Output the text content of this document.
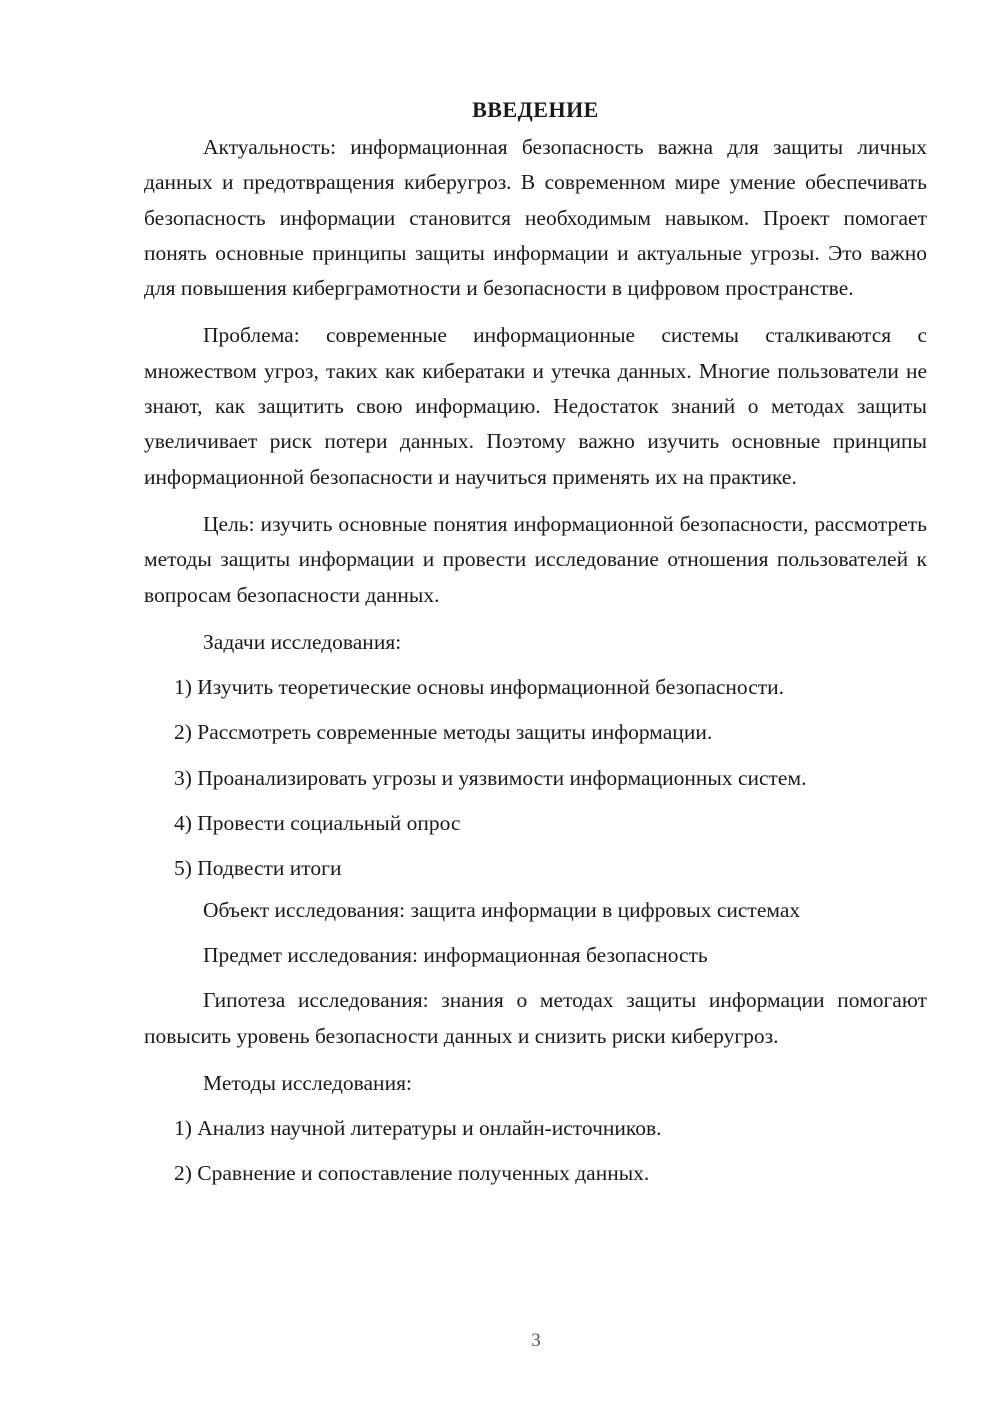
ВВЕДЕНИЕ

Актуальность: информационная безопасность важна для защиты личных данных и предотвращения киберугроз. В современном мире умение обеспечивать безопасность информации становится необходимым навыком. Проект помогает понять основные принципы защиты информации и актуальные угрозы. Это важно для повышения кибергрaмотности и безопасности в цифровом пространстве.

Проблема: современные информационные системы сталкиваются с множеством угроз, таких как кибератаки и утечка данных. Многие пользователи не знают, как защитить свою информацию. Недостаток знаний о методах защиты увеличивает риск потери данных. Поэтому важно изучить основные принципы информационной безопасности и научиться применять их на практике.

Цель: изучить основные понятия информационной безопасности, рассмотреть методы защиты информации и провести исследование отношения пользователей к вопросам безопасности данных.

Задачи исследования:
1) Изучить теоретические основы информационной безопасности.
2) Рассмотреть современные методы защиты информации.
3) Проанализировать угрозы и уязвимости информационных систем.
4) Провести социальный опрос
5) Подвести итоги
Объект исследования: защита информации в цифровых системах
Предмет исследования: информационная безопасность

Гипотеза исследования: знания о методах защиты информации помогают повысить уровень безопасности данных и снизить риски киберугроз.

Методы исследования:
1) Анализ научной литературы и онлайн-источников.
2) Сравнение и сопоставление полученных данных.
3
